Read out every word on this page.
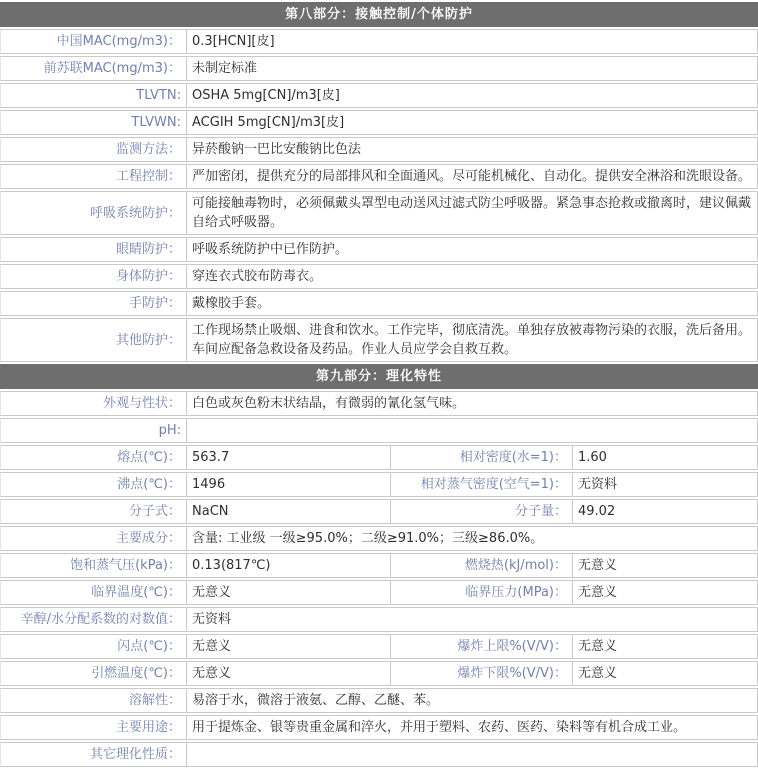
第八部分：接触控制/个体防护			
中国MAC(mg/m3)：	0.3[HCN][皮]		
前苏联MAC(mg/m3)：	未制定标准		
TLVTN:	OSHA 5mg[CN]/m3[皮]		
TLVWN:	ACGIH 5mg[CN]/m3[皮]		
监测方法：	异菸酸钠一巴比安酸钠比色法		
工程控制：	严加密闭，提供充分的局部排风和全面通风。尽可能机械化、自动化。提供安全淋浴和洗眼设备。		
呼吸系统防护：	可能接触毒物时，必须佩戴头罩型电动送风过滤式防尘呼吸器。紧急事态抢救或撤离时，建议佩戴自给式呼吸器。		
眼睛防护：	呼吸系统防护中已作防护。		
身体防护：	穿连衣式胶布防毒衣。		
手防护：	戴橡胶手套。		
其他防护：	工作现场禁止吸烟、进食和饮水。工作完毕，彻底清洗。单独存放被毒物污染的衣服，洗后备用。车间应配备急救设备及药品。作业人员应学会自救互救。		
第九部分：理化特性			
外观与性状：	白色或灰色粉末状结晶，有微弱的氰化氢气味。		
pH:			
熔点(℃)：	563.7	相对密度(水=1)：	1.60
沸点(℃)：	1496	相对蒸气密度(空气=1)：	无资料
分子式：	NaCN	分子量：	49.02
主要成分：	含量: 工业级 一级≥95.0%；二级≥91.0%；三级≥86.0%。		
饱和蒸气压(kPa)：	0.13(817℃)	燃烧热(kJ/mol)：	无意义
临界温度(℃)：	无意义	临界压力(MPa)：	无意义
辛醇/水分配系数的对数值：	无资料		
闪点(℃)：	无意义	爆炸上限%(V/V)：	无意义
引燃温度(℃)：	无意义	爆炸下限%(V/V)：	无意义
溶解性：	易溶于水，微溶于液氨、乙醇、乙醚、苯。		
主要用途：	用于提炼金、银等贵重金属和淬火，并用于塑料、农药、医药、染料等有机合成工业。		
其它理化性质：			
